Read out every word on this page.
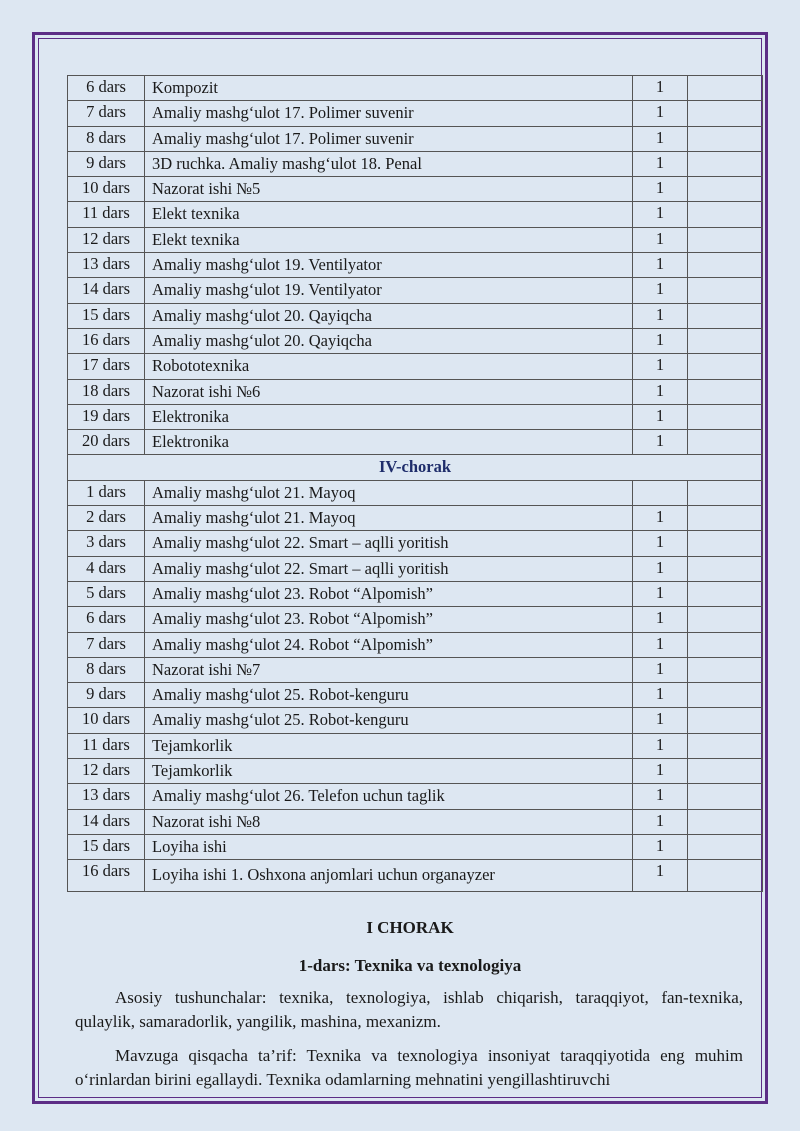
6 dars	Kompozit	1	
7 dars	Amaliy mashg‘ulot 17. Polimer suvenir	1	
8 dars	Amaliy mashg‘ulot 17. Polimer suvenir	1	
9 dars	3D ruchka. Amaliy mashg‘ulot 18. Penal	1	
10 dars	Nazorat ishi №5	1	
11 dars	Elekt texnika	1	
12 dars	Elekt texnika	1	
13 dars	Amaliy mashg‘ulot 19. Ventilyator	1	
14 dars	Amaliy mashg‘ulot 19. Ventilyator	1	
15 dars	Amaliy mashg‘ulot 20. Qayiqcha	1	
16 dars	Amaliy mashg‘ulot 20. Qayiqcha	1	
17 dars	Robototexnika	1	
18 dars	Nazorat ishi №6	1	
19 dars	Elektronika	1	
20 dars	Elektronika	1	
IV-chorak			
1 dars	Amaliy mashg‘ulot 21. Mayoq		
2 dars	Amaliy mashg‘ulot 21. Mayoq	1	
3 dars	Amaliy mashg‘ulot 22. Smart – aqlli yoritish	1	
4 dars	Amaliy mashg‘ulot 22. Smart – aqlli yoritish	1	
5 dars	Amaliy mashg‘ulot 23. Robot “Alpomish”	1	
6 dars	Amaliy mashg‘ulot 23. Robot “Alpomish”	1	
7 dars	Amaliy mashg‘ulot 24. Robot “Alpomish”	1	
8 dars	Nazorat ishi №7	1	
9 dars	Amaliy mashg‘ulot 25. Robot-kenguru	1	
10 dars	Amaliy mashg‘ulot 25. Robot-kenguru	1	
11 dars	Tejamkorlik	1	
12 dars	Tejamkorlik	1	
13 dars	Amaliy mashg‘ulot 26. Telefon uchun taglik	1	
14 dars	Nazorat ishi №8	1	
15 dars	Loyiha ishi	1	
16 dars	Loyiha ishi 1. Oshxona anjomlari uchun organayzer	1	
I CHORAK
1-dars: Texnika va texnologiya

Asosiy tushunchalar: texnika, texnologiya, ishlab chiqarish, taraqqiyot, fan-texnika, qulaylik, samaradorlik, yangilik, mashina, mexanizm.

Mavzuga qisqacha ta’rif: Texnika va texnologiya insoniyat taraqqiyotida eng muhim o‘rinlardan birini egallaydi. Texnika odamlarning mehnatini yengillashtiruvchi
